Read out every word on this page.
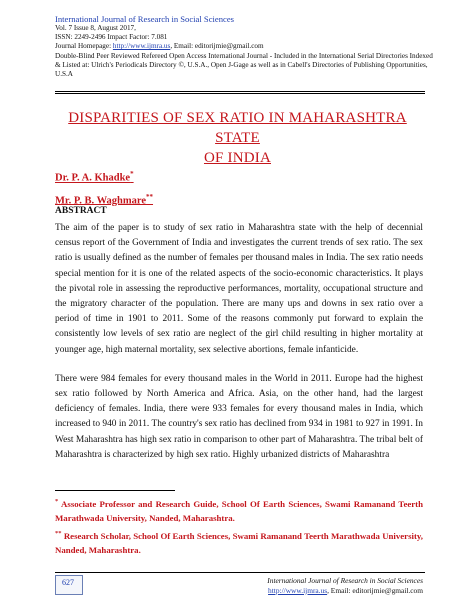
International Journal of Research in Social Sciences
Vol. 7 Issue 8, August 2017,
ISSN: 2249-2496 Impact Factor: 7.081
Journal Homepage: http://www.ijmra.us, Email: editorijmie@gmail.com
Double-Blind Peer Reviewed Refereed Open Access International Journal - Included in the International Serial Directories Indexed & Listed at: Ulrich's Periodicals Directory ©, U.S.A., Open J-Gage as well as in Cabell's Directories of Publishing Opportunities, U.S.A
DISPARITIES OF SEX RATIO IN MAHARASHTRA STATE
OF INDIA
Dr. P. A. Khadke*
Mr. P. B. Waghmare**
ABSTRACT

The aim of the paper is to study of sex ratio in Maharashtra state with the help of decennial census report of the Government of India and investigates the current trends of sex ratio. The sex ratio is usually defined as the number of females per thousand males in India. The sex ratio needs special mention for it is one of the related aspects of the socio-economic characteristics. It plays the pivotal role in assessing the reproductive performances, mortality, occupational structure and the migratory character of the population. There are many ups and downs in sex ratio over a period of time in 1901 to 2011. Some of the reasons commonly put forward to explain the consistently low levels of sex ratio are neglect of the girl child resulting in higher mortality at younger age, high maternal mortality, sex selective abortions, female infanticide.

There were 984 females for every thousand males in the World in 2011. Europe had the highest sex ratio followed by North America and Africa. Asia, on the other hand, had the largest deficiency of females. India, there were 933 females for every thousand males in India, which increased to 940 in 2011. The country's sex ratio has declined from 934 in 1981 to 927 in 1991. In West Maharashtra has high sex ratio in comparison to other part of Maharashtra. The tribal belt of Maharashtra is characterized by high sex ratio. Highly urbanized districts of Maharashtra

* Associate Professor and Research Guide, School Of Earth Sciences, Swami Ramanand Teerth Marathwada University, Nanded, Maharashtra.
** Research Scholar, School Of Earth Sciences, Swami Ramanand Teerth Marathwada University, Nanded, Maharashtra.
627	International Journal of Research in Social Sciences
http://www.ijmra.us, Email: editorijmie@gmail.com
